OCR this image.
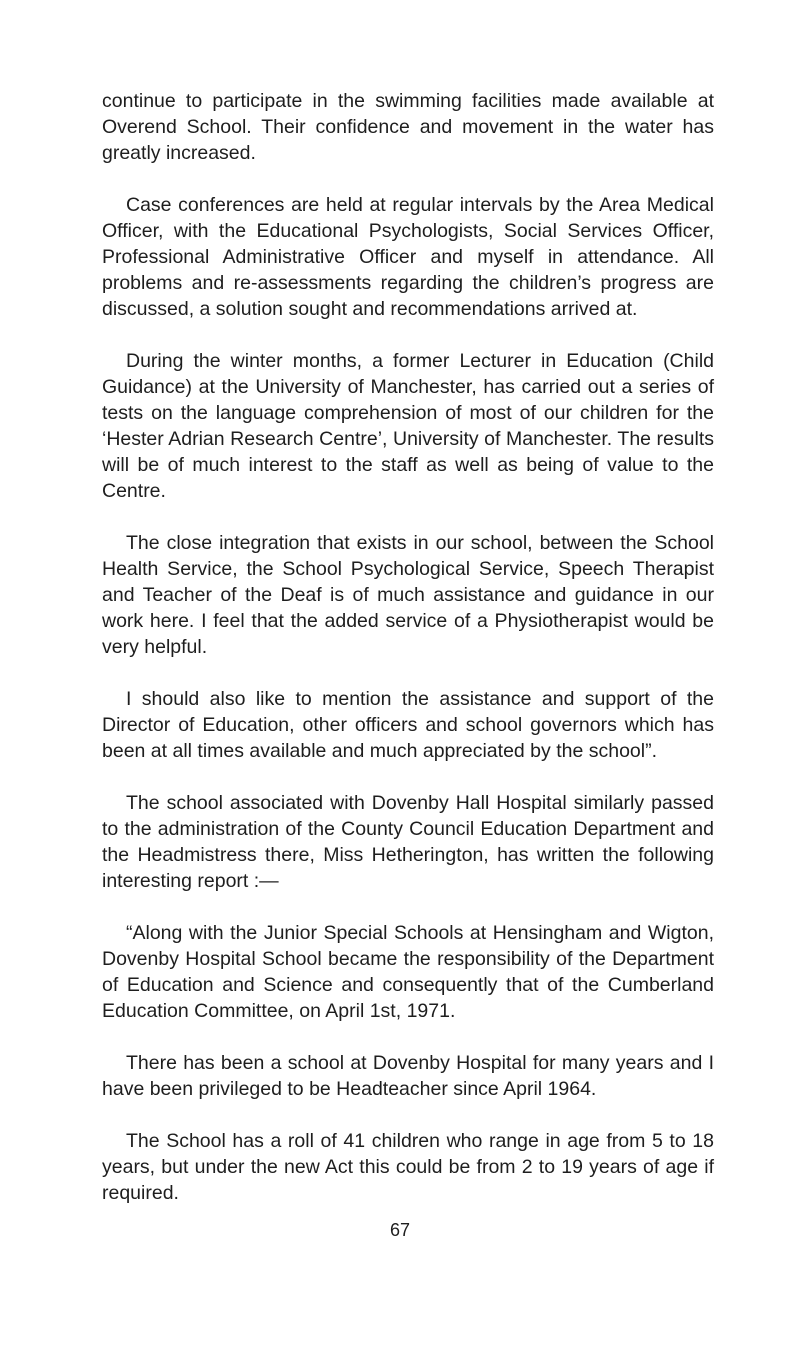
continue to participate in the swimming facilities made available at Overend School. Their confidence and movement in the water has greatly increased.

Case conferences are held at regular intervals by the Area Medical Officer, with the Educational Psychologists, Social Services Officer, Professional Administrative Officer and myself in attendance. All problems and re-assessments regarding the children’s progress are discussed, a solution sought and recommendations arrived at.

During the winter months, a former Lecturer in Education (Child Guidance) at the University of Manchester, has carried out a series of tests on the language comprehension of most of our children for the ‘Hester Adrian Research Centre’, University of Manchester. The results will be of much interest to the staff as well as being of value to the Centre.

The close integration that exists in our school, between the School Health Service, the School Psychological Service, Speech Therapist and Teacher of the Deaf is of much assistance and guidance in our work here. I feel that the added service of a Physiotherapist would be very helpful.

I should also like to mention the assistance and support of the Director of Education, other officers and school governors which has been at all times available and much appreciated by the school”.

The school associated with Dovenby Hall Hospital similarly passed to the administration of the County Council Education Department and the Headmistress there, Miss Hetherington, has written the following interesting report :—

“Along with the Junior Special Schools at Hensingham and Wigton, Dovenby Hospital School became the responsibility of the Department of Education and Science and consequently that of the Cumberland Education Committee, on April 1st, 1971.

There has been a school at Dovenby Hospital for many years and I have been privileged to be Headteacher since April 1964.

The School has a roll of 41 children who range in age from 5 to 18 years, but under the new Act this could be from 2 to 19 years of age if required.

67
